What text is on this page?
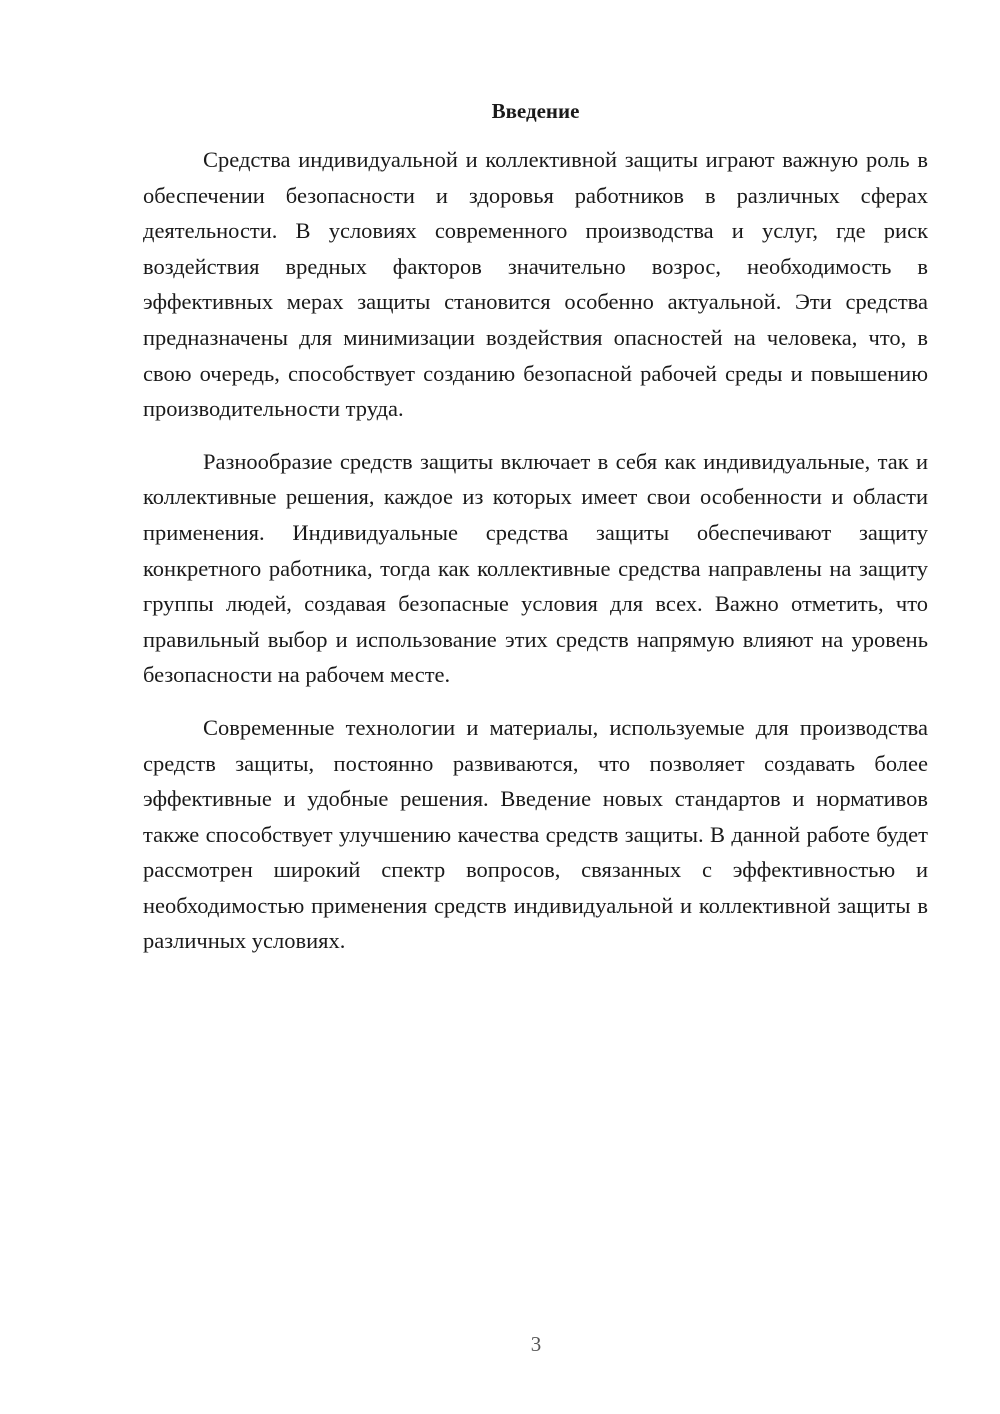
Введение

Средства индивидуальной и коллективной защиты играют важную роль в обеспечении безопасности и здоровья работников в различных сферах деятельности. В условиях современного производства и услуг, где риск воздействия вредных факторов значительно возрос, необходимость в эффективных мерах защиты становится особенно актуальной. Эти средства предназначены для минимизации воздействия опасностей на человека, что, в свою очередь, способствует созданию безопасной рабочей среды и повышению производительности труда.

Разнообразие средств защиты включает в себя как индивидуальные, так и коллективные решения, каждое из которых имеет свои особенности и области применения. Индивидуальные средства защиты обеспечивают защиту конкретного работника, тогда как коллективные средства направлены на защиту группы людей, создавая безопасные условия для всех. Важно отметить, что правильный выбор и использование этих средств напрямую влияют на уровень безопасности на рабочем месте.

Современные технологии и материалы, используемые для производства средств защиты, постоянно развиваются, что позволяет создавать более эффективные и удобные решения. Введение новых стандартов и нормативов также способствует улучшению качества средств защиты. В данной работе будет рассмотрен широкий спектр вопросов, связанных с эффективностью и необходимостью применения средств индивидуальной и коллективной защиты в различных условиях.

3
